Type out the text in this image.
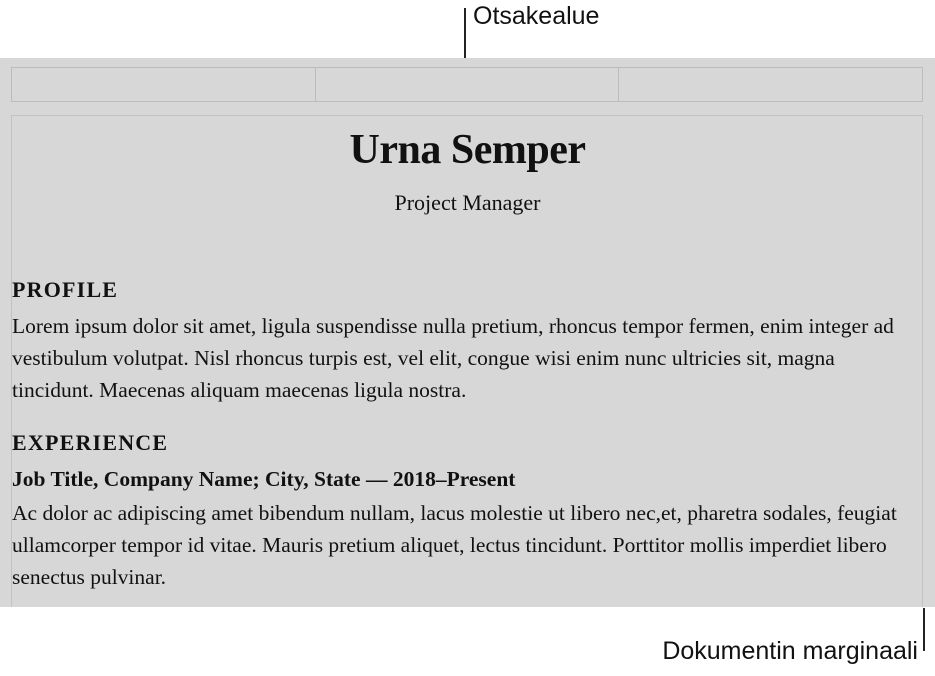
Otsakealue
Urna Semper
Project Manager
PROFILE

Lorem ipsum dolor sit amet, ligula suspendisse nulla pretium, rhoncus tempor fermen, enim integer ad vestibulum volutpat. Nisl rhoncus turpis est, vel elit, congue wisi enim nunc ultricies sit, magna tincidunt. Maecenas aliquam maecenas ligula nostra.

EXPERIENCE
Job Title, Company Name; City, State — 2018–Present

Ac dolor ac adipiscing amet bibendum nullam, lacus molestie ut libero nec,et, pharetra sodales, feugiat ullamcorper tempor id vitae. Mauris pretium aliquet, lectus tincidunt. Porttitor mollis imperdiet libero senectus pulvinar.

Dokumentin marginaali
